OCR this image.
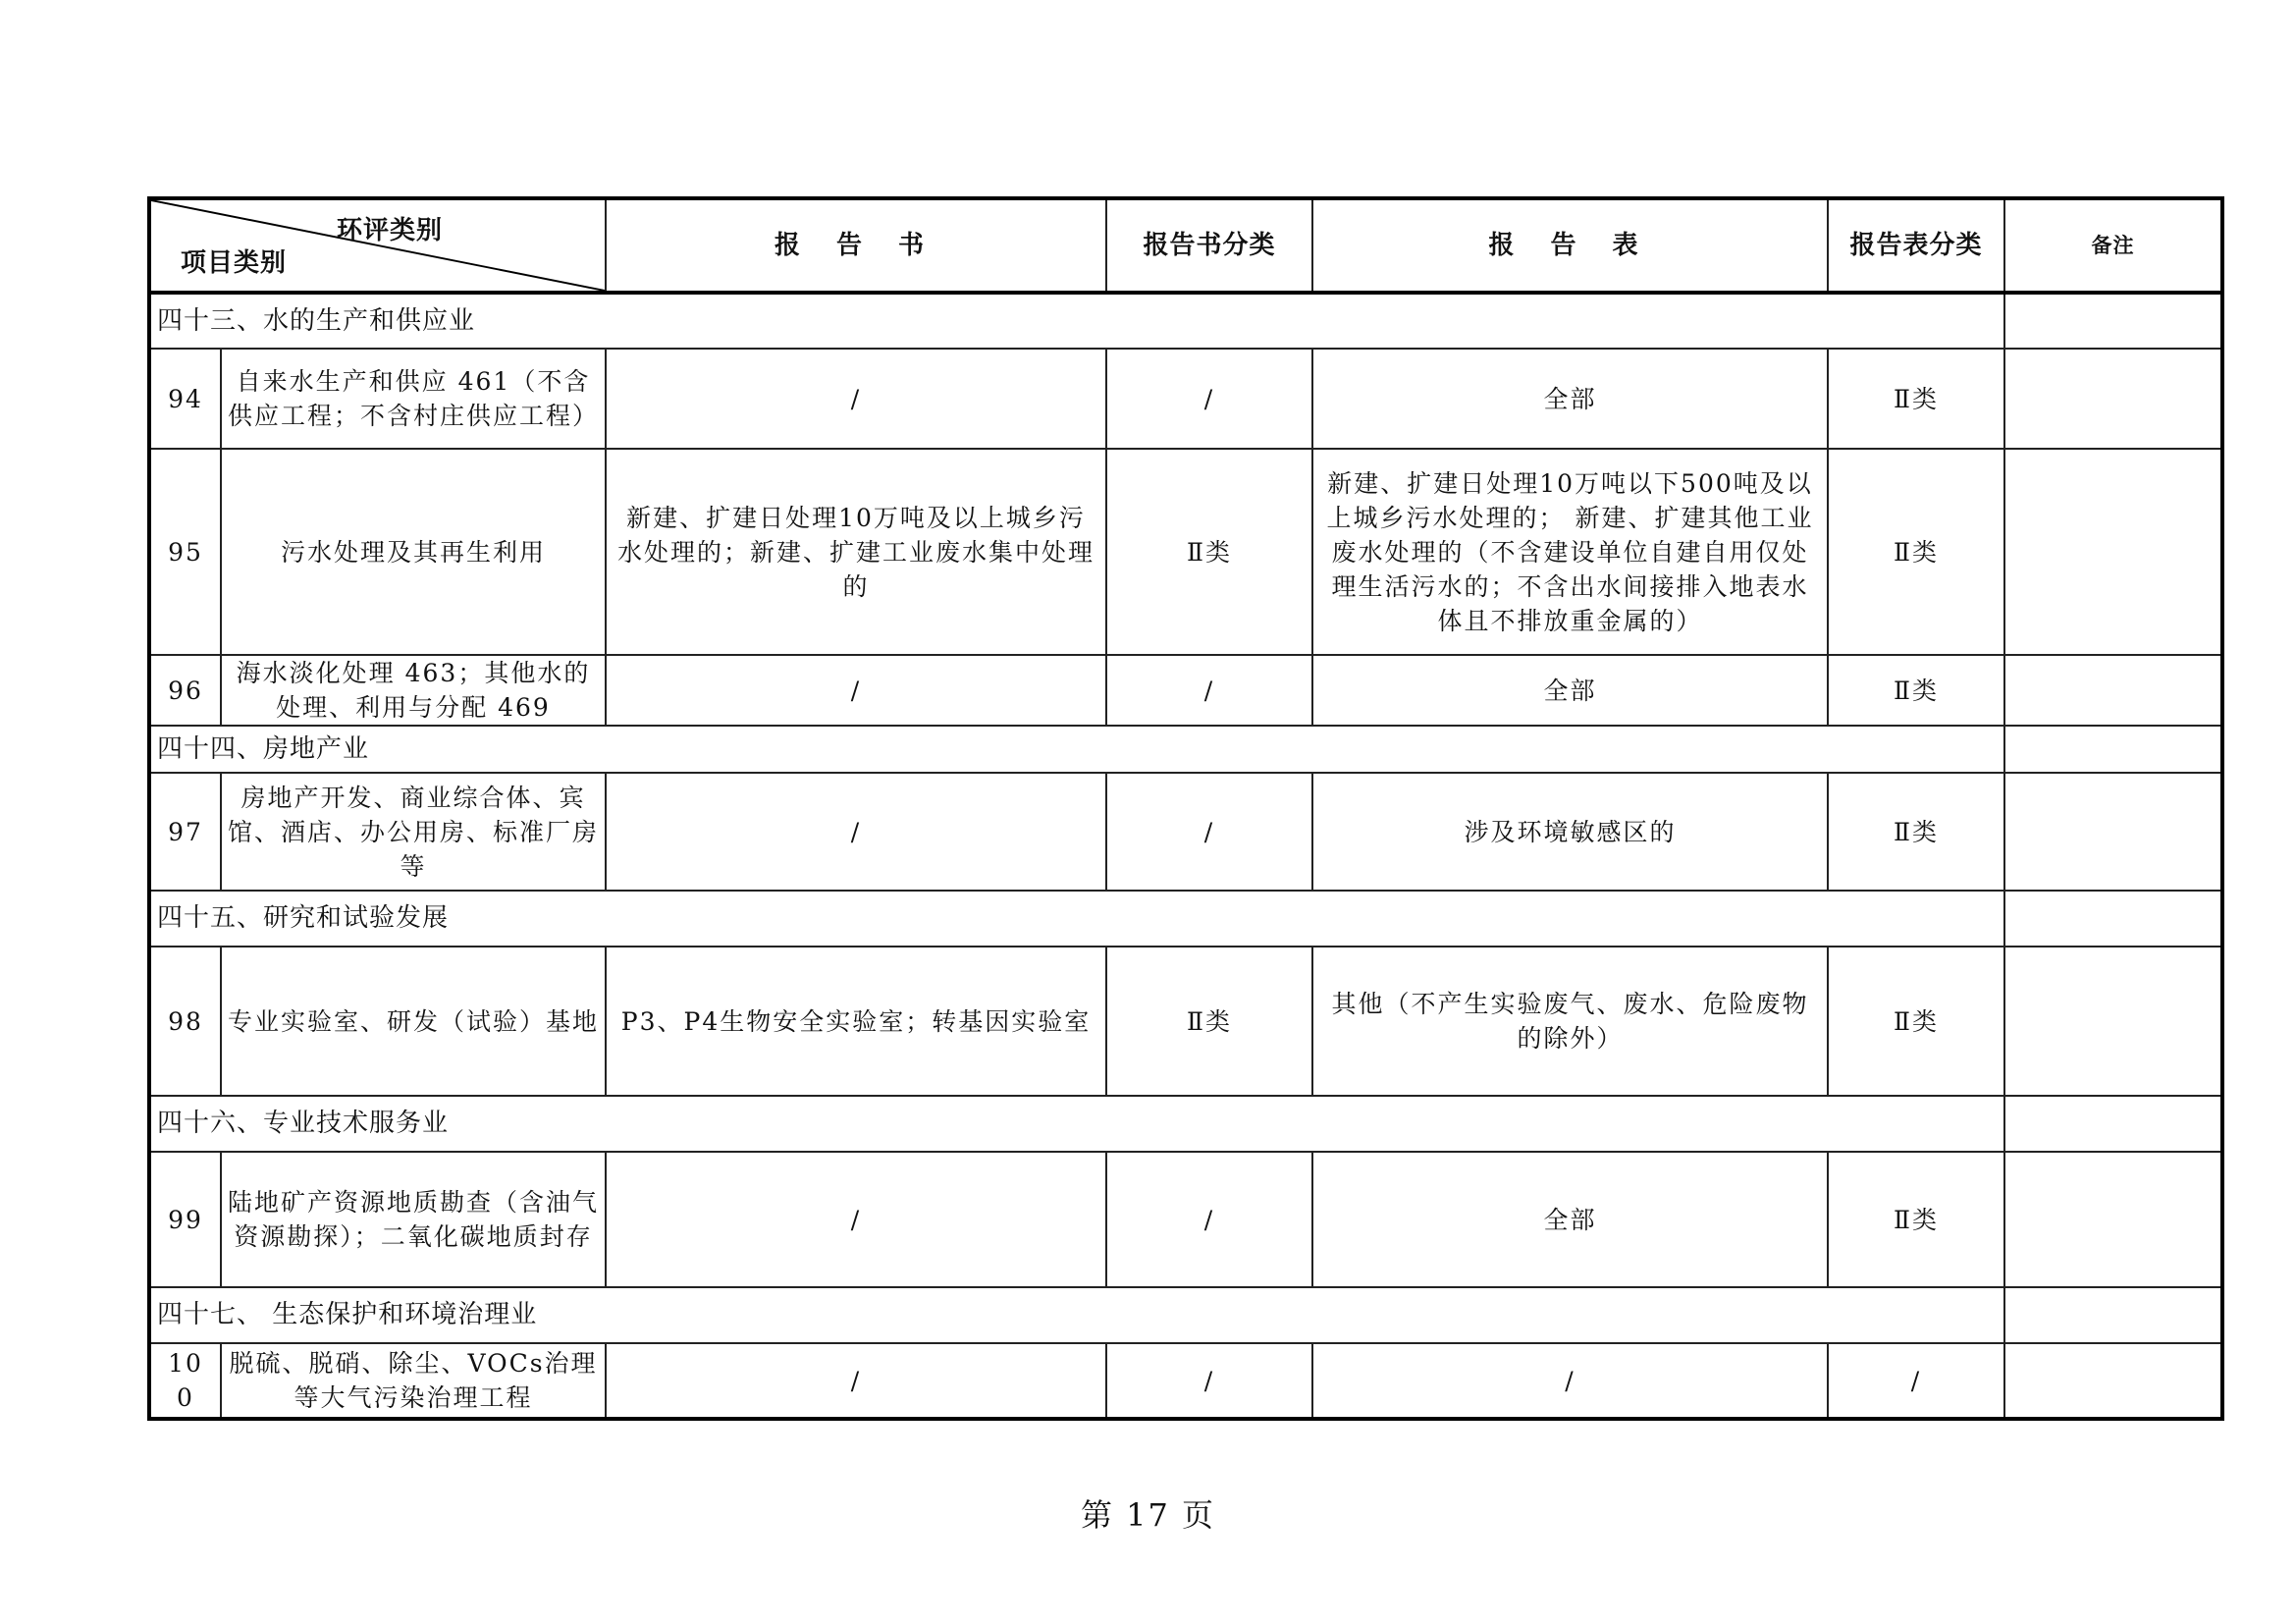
环评类别
项目类别		报 告 书	报告书分类	报 告 表	报告表分类	备注
四十三、水的生产和供应业						
94	自来水生产和供应 461（不含供应工程；不含村庄供应工程）	/	/	全部	Ⅱ类	
95	污水处理及其再生利用	新建、扩建日处理10万吨及以上城乡污水处理的；新建、扩建工业废水集中处理的	Ⅱ类	新建、扩建日处理10万吨以下500吨及以上城乡污水处理的； 新建、扩建其他工业废水处理的（不含建设单位自建自用仅处理生活污水的；不含出水间接排入地表水体且不排放重金属的）	Ⅱ类	
96	海水淡化处理 463；其他水的处理、利用与分配 469	/	/	全部	Ⅱ类	
四十四、房地产业						
97	房地产开发、商业综合体、宾馆、酒店、办公用房、标准厂房等	/	/	涉及环境敏感区的	Ⅱ类	
四十五、研究和试验发展						
98	专业实验室、研发（试验）基地	P3、P4生物安全实验室；转基因实验室	Ⅱ类	其他（不产生实验废气、废水、危险废物的除外）	Ⅱ类	
四十六、专业技术服务业						
99	陆地矿产资源地质勘查（含油气资源勘探）；二氧化碳地质封存	/	/	全部	Ⅱ类	
四十七、 生态保护和环境治理业						
100	脱硫、脱硝、除尘、VOCs治理等大气污染治理工程	/	/	/	/	
第 17 页
